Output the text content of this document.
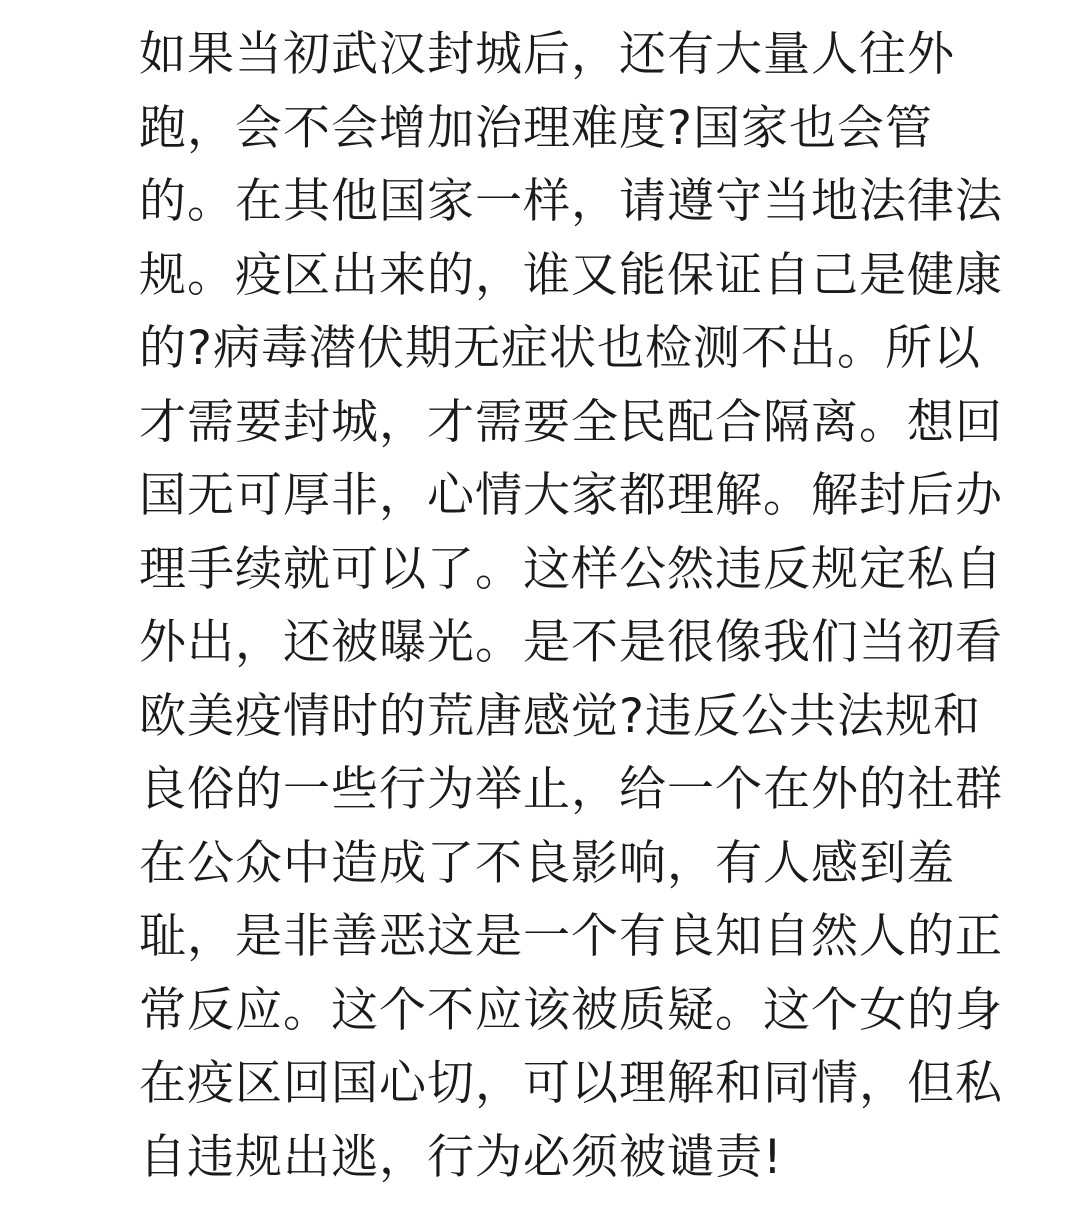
如果当初武汉封城后，还有大量人往外
跑，会不会增加治理难度?国家也会管
的。在其他国家一样，请遵守当地法律法
规。疫区出来的，谁又能保证自己是健康
的?病毒潜伏期无症状也检测不出。所以
才需要封城，才需要全民配合隔离。想回
国无可厚非，心情大家都理解。解封后办
理手续就可以了。这样公然违反规定私自
外出，还被曝光。是不是很像我们当初看
欧美疫情时的荒唐感觉?违反公共法规和
良俗的一些行为举止，给一个在外的社群
在公众中造成了不良影响，有人感到羞
耻，是非善恶这是一个有良知自然人的正
常反应。这个不应该被质疑。这个女的身
在疫区回国心切，可以理解和同情，但私
自违规出逃，行为必须被谴责!
